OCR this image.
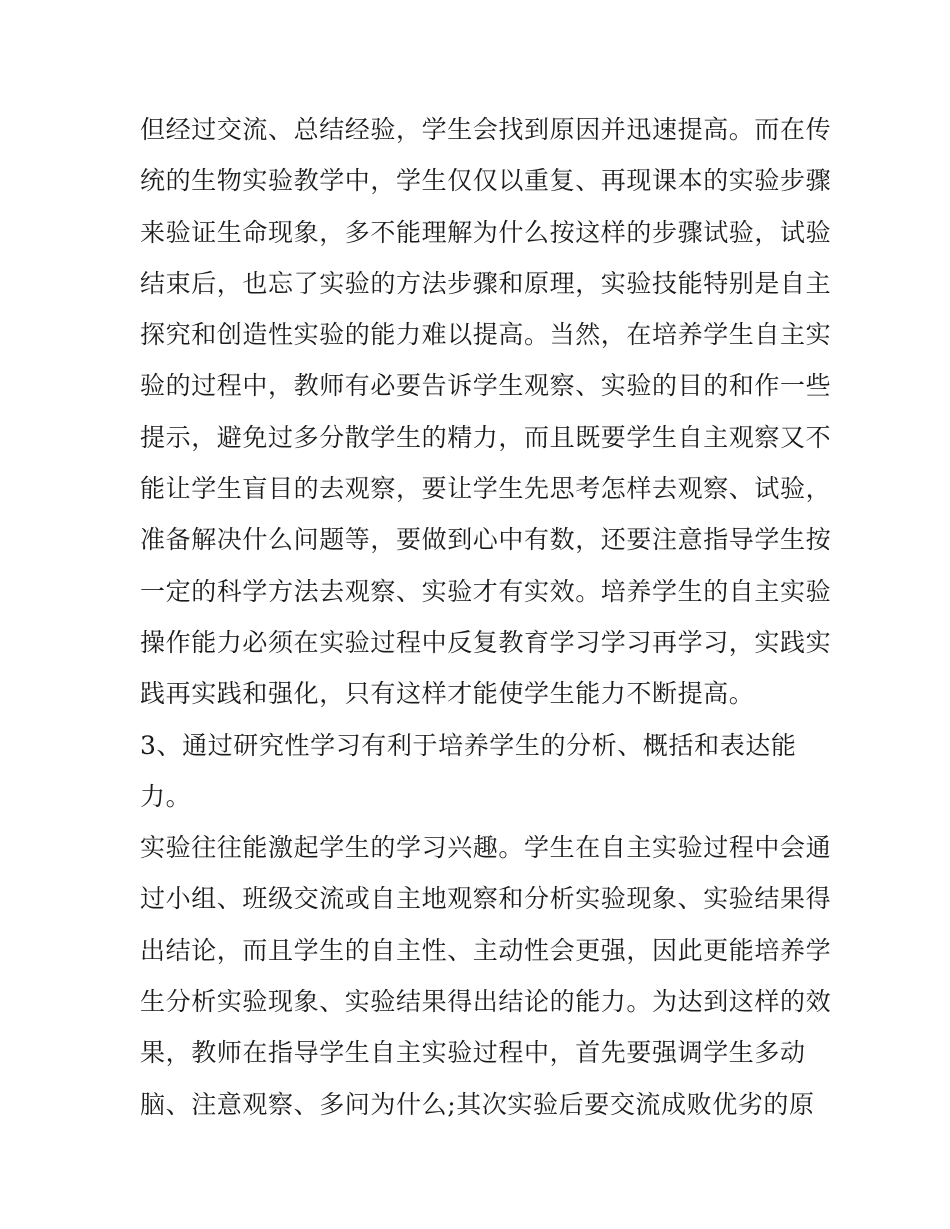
但经过交流、总结经验，学生会找到原因并迅速提高。而在传
统的生物实验教学中，学生仅仅以重复、再现课本的实验步骤
来验证生命现象，多不能理解为什么按这样的步骤试验，试验
结束后，也忘了实验的方法步骤和原理，实验技能特别是自主
探究和创造性实验的能力难以提高。当然，在培养学生自主实
验的过程中，教师有必要告诉学生观察、实验的目的和作一些
提示，避免过多分散学生的精力，而且既要学生自主观察又不
能让学生盲目的去观察，要让学生先思考怎样去观察、试验，
准备解决什么问题等，要做到心中有数，还要注意指导学生按
一定的科学方法去观察、实验才有实效。培养学生的自主实验
操作能力必须在实验过程中反复教育学习学习再学习，实践实
践再实践和强化，只有这样才能使学生能力不断提高。
3、通过研究性学习有利于培养学生的分析、概括和表达能
力。
实验往往能激起学生的学习兴趣。学生在自主实验过程中会通
过小组、班级交流或自主地观察和分析实验现象、实验结果得
出结论，而且学生的自主性、主动性会更强，因此更能培养学
生分析实验现象、实验结果得出结论的能力。为达到这样的效
果，教师在指导学生自主实验过程中，首先要强调学生多动
脑、注意观察、多问为什么;其次实验后要交流成败优劣的原
